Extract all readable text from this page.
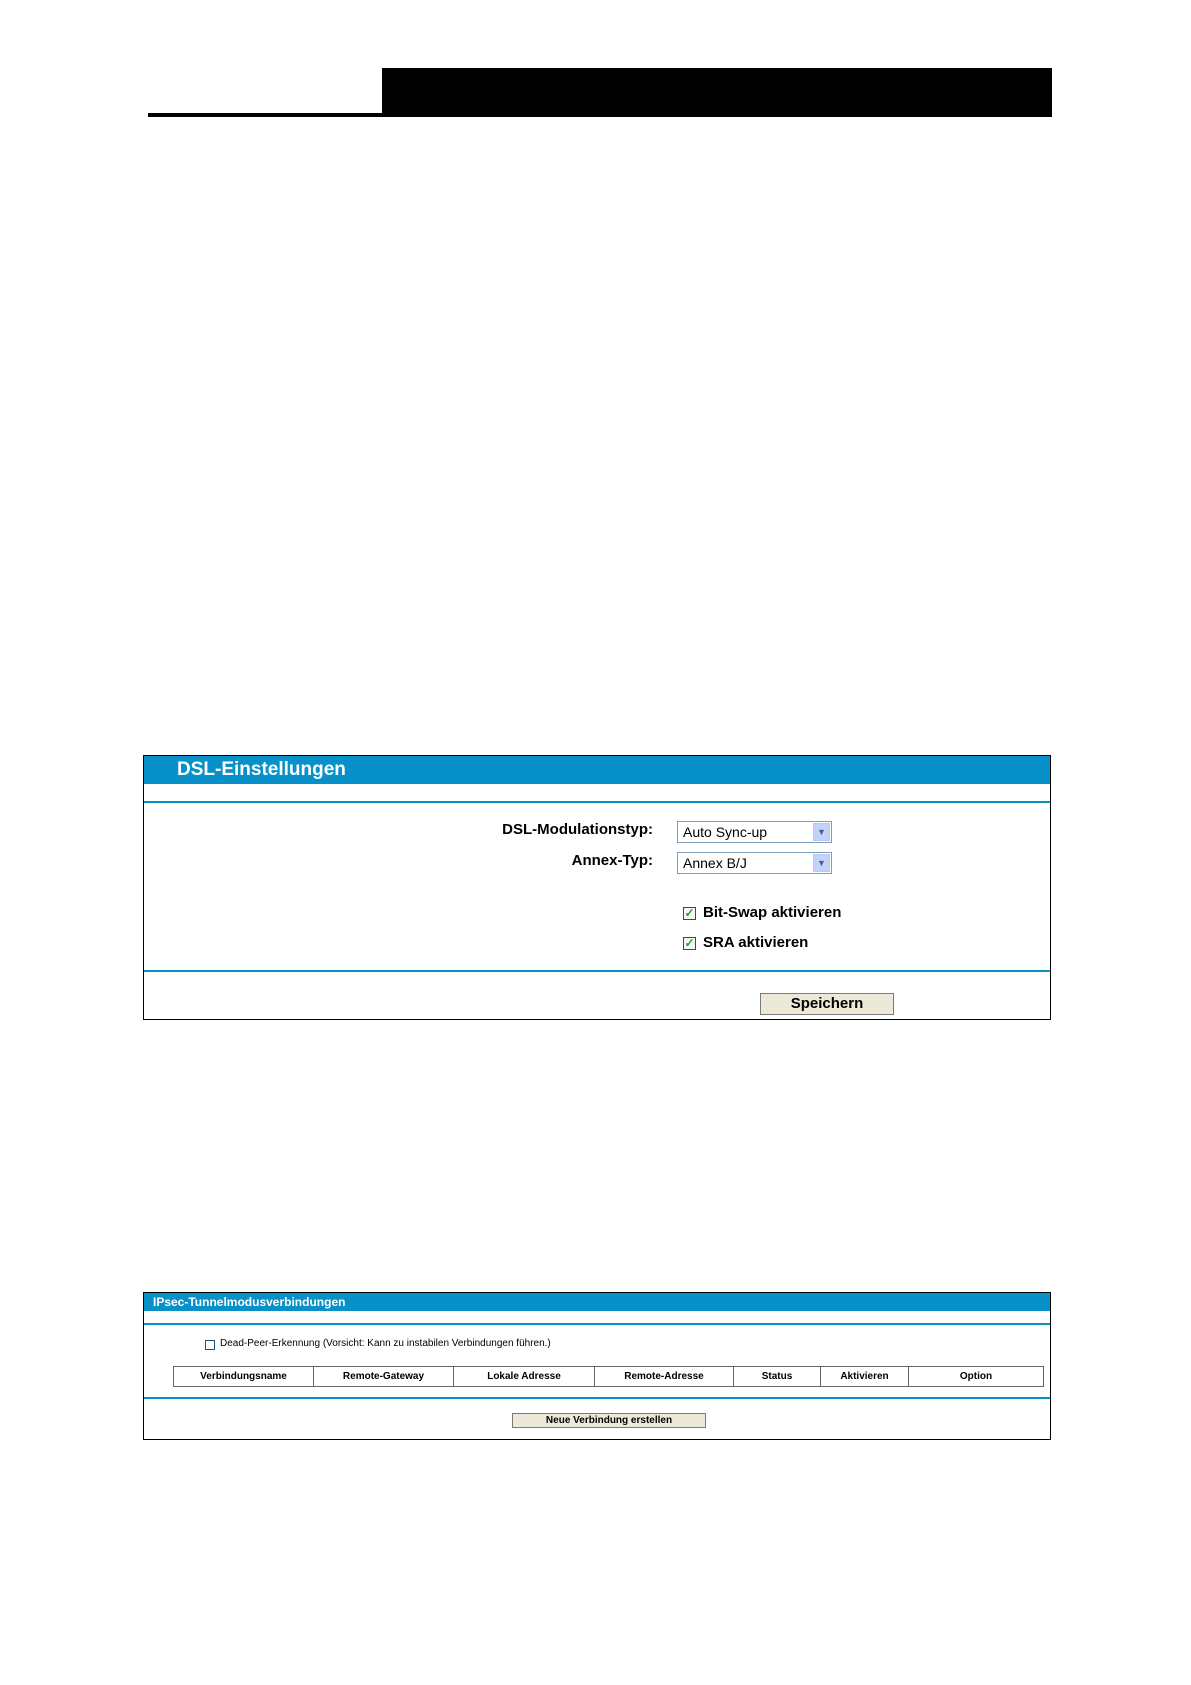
DSL-Einstellungen
DSL-Modulationstyp:	Auto Sync-up	▼
Annex-Typ:	Annex B/J	▼
✓ Bit-Swap aktivieren
✓ SRA aktivieren
Speichern
IPsec-Tunnelmodusverbindungen
Dead-Peer-Erkennung (Vorsicht: Kann zu instabilen Verbindungen führen.)
Verbindungsname	Remote-Gateway	Lokale Adresse	Remote-Adresse	Status	Aktivieren	Option
Neue Verbindung erstellen
